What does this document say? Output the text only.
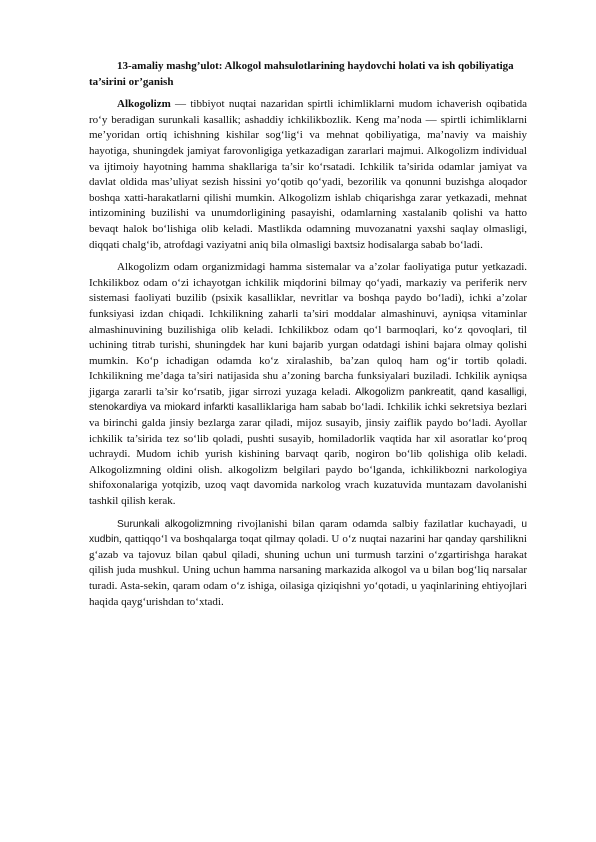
13-amaliy mashg’ulot: Alkogol mahsulotlarining haydovchi holati va ish qobiliyatiga ta’sirini or’ganish

Alkogolizm — tibbiyot nuqtai nazaridan spirtli ichimliklarni mudom ichaverish oqibatida ro‘y beradigan surunkali kasallik; ashaddiy ichkilikbozlik. Keng ma’noda — spirtli ichimliklarni me’yoridan ortiq ichishning kishilar sog‘lig‘i va mehnat qobiliyatiga, ma’naviy va maishiy hayotiga, shuningdek jamiyat farovonligiga yetkazadigan zararlari majmui. Alkogolizm individual va ijtimoiy hayotning hamma shakllariga ta’sir ko‘rsatadi. Ichkilik ta’sirida odamlar jamiyat va davlat oldida mas’uliyat sezish hissini yo‘qotib qo‘yadi, bezorilik va qonunni buzishga aloqador boshqa xatti-harakatlarni qilishi mumkin. Alkogolizm ishlab chiqarishga zarar yetkazadi, mehnat intizomining buzilishi va unumdorligining pasayishi, odamlarning xastalanib qolishi va hatto bevaqt halok bo‘lishiga olib keladi. Mastlikda odamning muvozanatni yaxshi saqlay olmasligi, diqqati chalg‘ib, atrofdagi vaziyatni aniq bila olmasligi baxtsiz hodisalarga sabab bo‘ladi.

Alkogolizm odam organizmidagi hamma sistemalar va a’zolar faoliyatiga putur yetkazadi. Ichkilikboz odam o‘zi ichayotgan ichkilik miqdorini bilmay qo‘yadi, markaziy va periferik nerv sistemasi faoliyati buzilib (psixik kasalliklar, nevritlar va boshqa paydo bo‘ladi), ichki a’zolar funksiyasi izdan chiqadi. Ichkilikning zaharli ta’siri moddalar almashinuvi, ayniqsa vitaminlar almashinuvining buzilishiga olib keladi. Ichkilikboz odam qo‘l barmoqlari, ko‘z qovoqlari, til uchining titrab turishi, shuningdek har kuni bajarib yurgan odatdagi ishini bajara olmay qolishi mumkin. Ko‘p ichadigan odamda ko‘z xiralashib, ba’zan quloq ham og‘ir tortib qoladi. Ichkilikning me’daga ta’siri natijasida shu a’zoning barcha funksiyalari buziladi. Ichkilik ayniqsa jigarga zararli ta’sir ko‘rsatib, jigar sirrozi yuzaga keladi. Alkogolizm pankreatit, qand kasalligi, stenokardiya va miokard infarkti kasalliklariga ham sabab bo‘ladi. Ichkilik ichki sekretsiya bezlari va birinchi galda jinsiy bezlarga zarar qiladi, mijoz susayib, jinsiy zaiflik paydo bo‘ladi. Ayollar ichkilik ta’sirida tez so‘lib qoladi, pushti susayib, homiladorlik vaqtida har xil asoratlar ko‘proq uchraydi. Mudom ichib yurish kishining barvaqt qarib, nogiron bo‘lib qolishiga olib keladi. Alkogolizmning oldini olish. alkogolizm belgilari paydo bo‘lganda, ichkilikbozni narkologiya shifoxonalariga yotqizib, uzoq vaqt davomida narkolog vrach kuzatuvida muntazam davolanishi tashkil qilish kerak.

Surunkali alkogolizmning rivojlanishi bilan qaram odamda salbiy fazilatlar kuchayadi, u xudbin, qattiqqo‘l va boshqalarga toqat qilmay qoladi. U o‘z nuqtai nazarini har qanday qarshilikni g‘azab va tajovuz bilan qabul qiladi, shuning uchun uni turmush tarzini o‘zgartirishga harakat qilish juda mushkul. Uning uchun hamma narsaning markazida alkogol va u bilan bog‘liq narsalar turadi. Asta-sekin, qaram odam o‘z ishiga, oilasiga qiziqishni yo‘qotadi, u yaqinlarining ehtiyojlari haqida qayg‘urishdan to‘xtadi.
